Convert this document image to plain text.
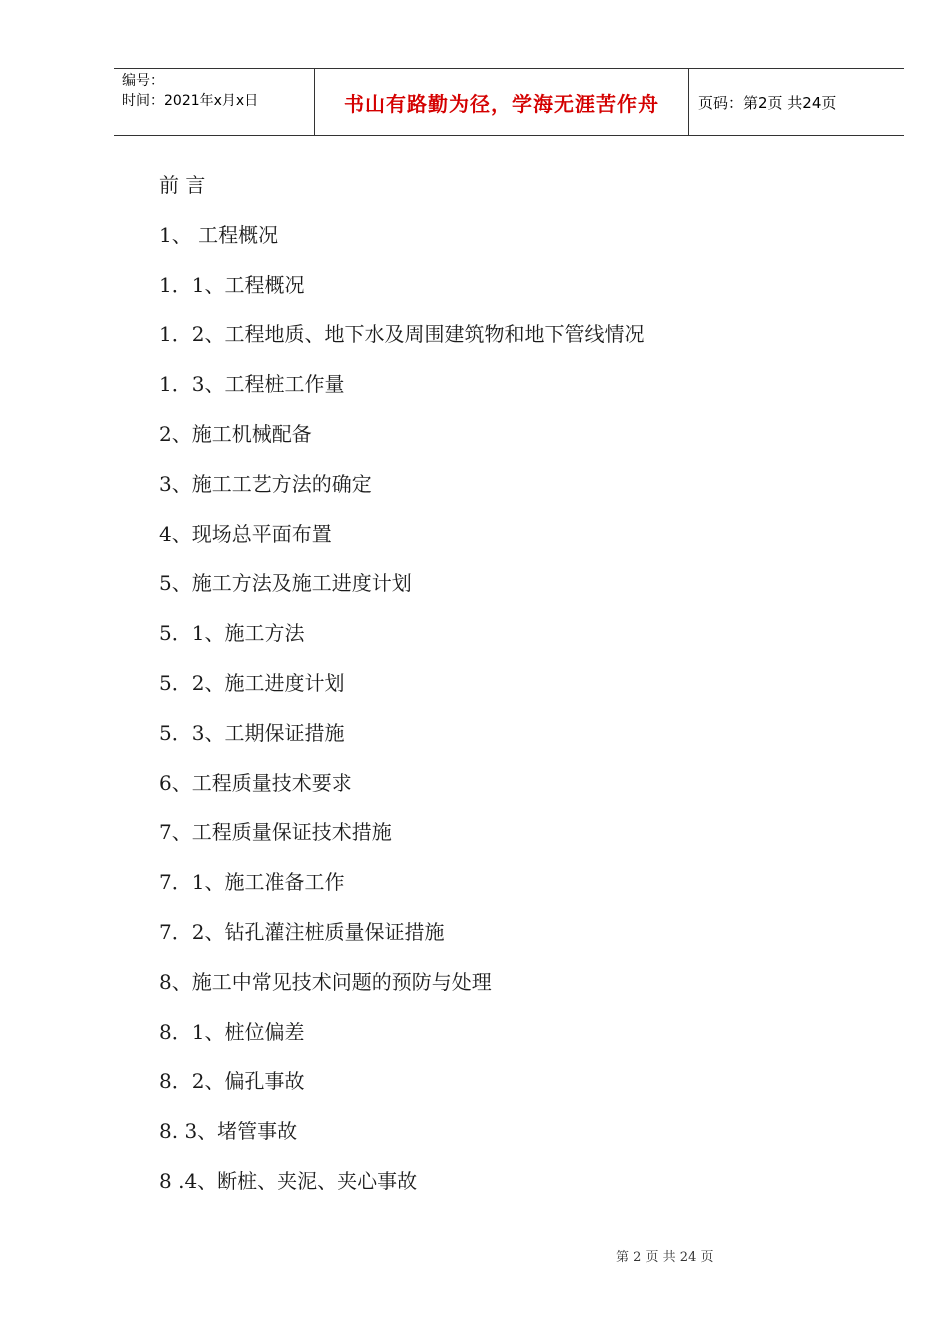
编号：
时间：2021年x月x日	书山有路勤为径，学海无涯苦作舟	页码：第2页 共24页
前 言
1、 工程概况
1．1、工程概况
1．2、工程地质、地下水及周围建筑物和地下管线情况
1．3、工程桩工作量
2、施工机械配备
3、施工工艺方法的确定
4、现场总平面布置
5、施工方法及施工进度计划
5．1、施工方法
5．2、施工进度计划
5．3、工期保证措施
6、工程质量技术要求
7、工程质量保证技术措施
7．1、施工准备工作
7．2、钻孔灌注桩质量保证措施
8、施工中常见技术问题的预防与处理
8．1、桩位偏差
8．2、偏孔事故
8. 3、堵管事故
8 .4、断桩、夹泥、夹心事故
第 2 页 共 24 页
